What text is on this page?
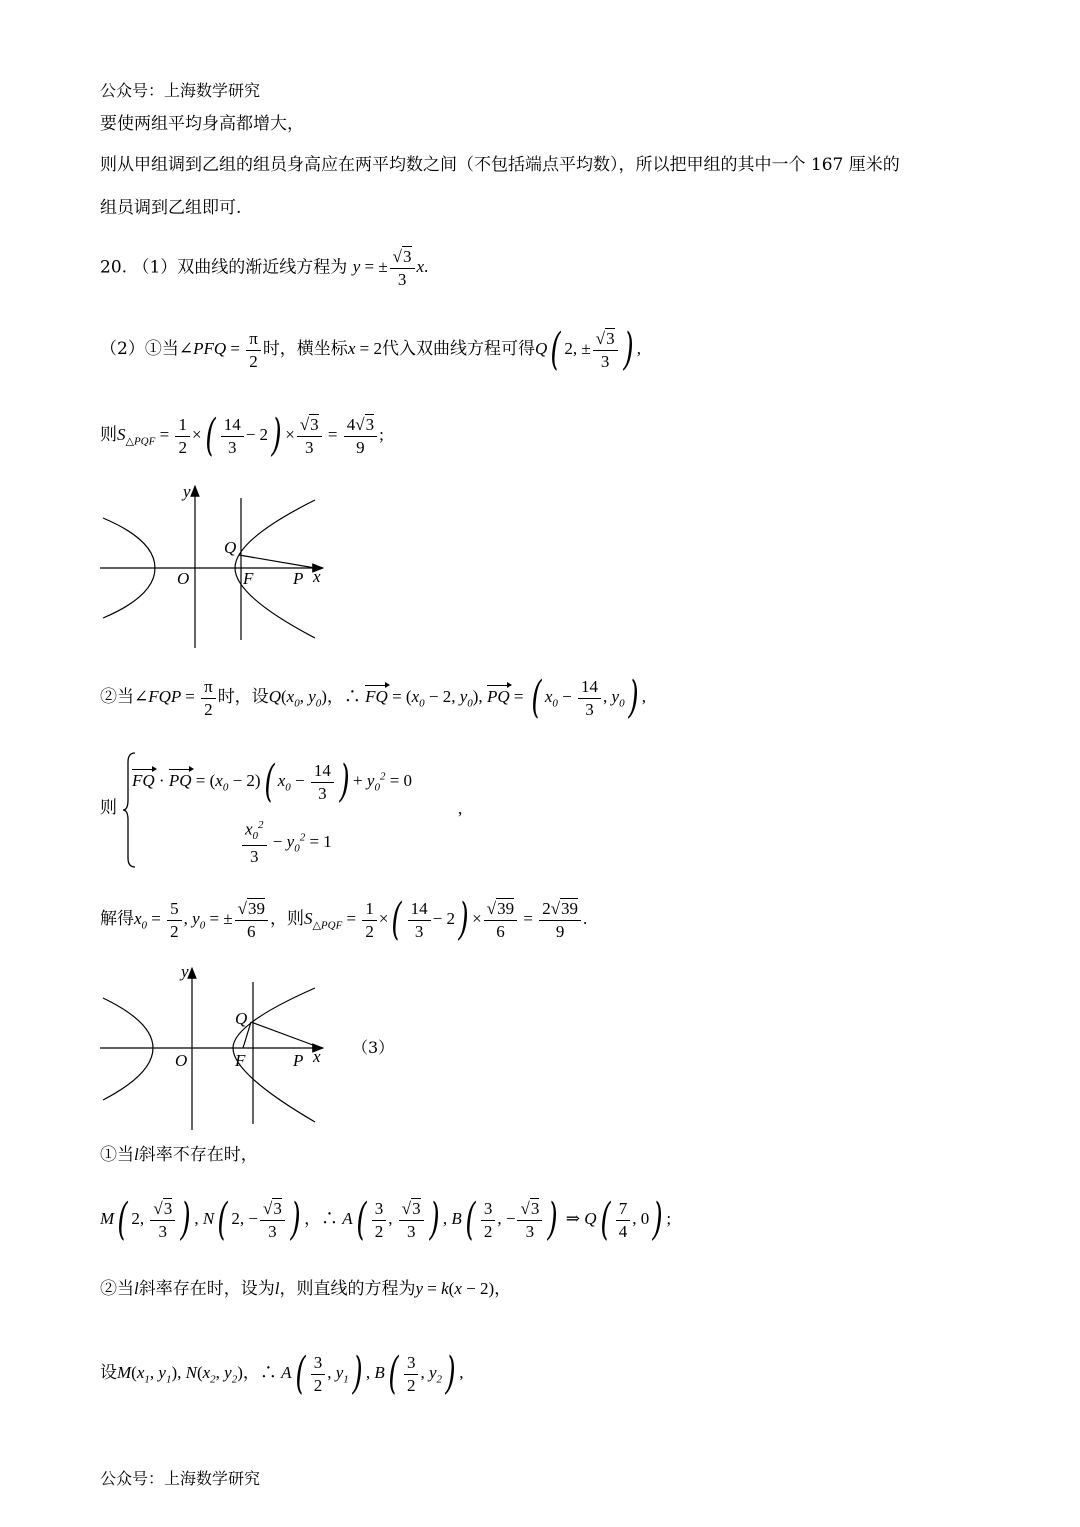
公众号：上海数学研究
要使两组平均身高都增大，
则从甲组调到乙组的组员身高应在两平均数之间（不包括端点平均数），所以把甲组的其中一个 167 厘米的
组员调到乙组即可.
20. （1）双曲线的渐近线方程为 y = ± $\frac{√3}{3} x$.
（2）①当∠PFQ = $\frac{\pi}{2}$ 时，横坐标x = 2代入双曲线方程可得Q( 2, ± $\frac{√3}{3}$ ) ,
则$S_{\triangle PQF} = \frac{1}{2}$ ×( $\frac{14}{3} - 2) \times \frac{√3}{3} = \frac{4√3}{9}$ ;
y
x
O	F P
Q
②当∠FQP = $\frac{\pi}{2}$ 时，设$Q(x_0$, $y_0$)，∴ FQ = ($x_0 - 2$, $y_0$), PQ = ( $x_0 - \frac{14}{3}$ , $y_0$) ,
则
FQ · PQ = $(x_0 - 2)$( $x_0 - \frac{14}{3}$ ) + $y_0^2 = 0$
,
$\frac{x_0^2}{3} - y_0^2 = 1$
解得$x_0 = \frac{5}{2}$ , $y_0$ = ± $\frac{√39}{6}$ ，则$S_{\triangle PQF} = \frac{1}{2}$ ×( $\frac{14}{3} - 2) \times \frac{√39}{6} = \frac{2√39}{9}$ .
y
x
O	F	P
Q
（3）
①当l斜率不存在时，
M( 2, $\frac{√3}{3}$ ) , N( 2, − $\frac{√3}{3}$ ) ，∴ $A( \frac{3}{2}$ , $\frac{√3}{3}$ ) , $B( \frac{3}{2}$ , − $\frac{√3}{3}$ ) ⇒ $Q( \frac{7}{4}$ , 0) ;
②当l斜率存在时，设为l，则直线的方程为y = k(x − 2)，
设$M(x_1$, $y_1$), $N(x_2$, $y_2$)，∴ $A( \frac{3}{2}$ , $y_1$) , $B( \frac{3}{2}$ , $y_2$) ,
公众号：上海数学研究
